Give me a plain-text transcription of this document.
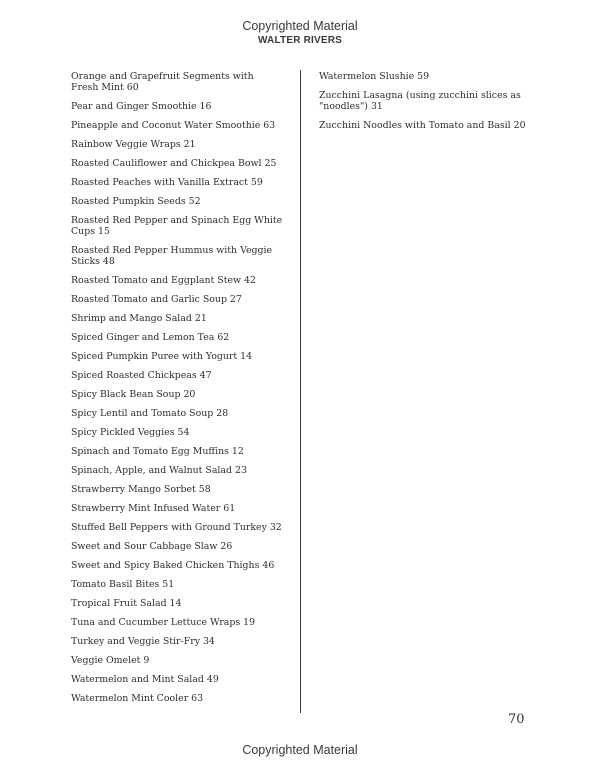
Copyrighted Material
WALTER RIVERS
Orange and Grapefruit Segments with Fresh Mint 60
Pear and Ginger Smoothie 16
Pineapple and Coconut Water Smoothie 63
Rainbow Veggie Wraps 21
Roasted Cauliflower and Chickpea Bowl 25
Roasted Peaches with Vanilla Extract 59
Roasted Pumpkin Seeds 52
Roasted Red Pepper and Spinach Egg White Cups 15
Roasted Red Pepper Hummus with Veggie Sticks 48
Roasted Tomato and Eggplant Stew 42
Roasted Tomato and Garlic Soup 27
Shrimp and Mango Salad 21
Spiced Ginger and Lemon Tea 62
Spiced Pumpkin Puree with Yogurt 14
Spiced Roasted Chickpeas 47
Spicy Black Bean Soup 20
Spicy Lentil and Tomato Soup 28
Spicy Pickled Veggies 54
Spinach and Tomato Egg Muffins 12
Spinach, Apple, and Walnut Salad 23
Strawberry Mango Sorbet 58
Strawberry Mint Infused Water 61
Stuffed Bell Peppers with Ground Turkey 32
Sweet and Sour Cabbage Slaw 26
Sweet and Spicy Baked Chicken Thighs 46
Tomato Basil Bites 51
Tropical Fruit Salad 14
Tuna and Cucumber Lettuce Wraps 19
Turkey and Veggie Stir-Fry 34
Veggie Omelet 9
Watermelon and Mint Salad 49
Watermelon Mint Cooler 63
Watermelon Slushie 59
Zucchini Lasagna (using zucchini slices as "noodles") 31
Zucchini Noodles with Tomato and Basil 20
70
Copyrighted Material
